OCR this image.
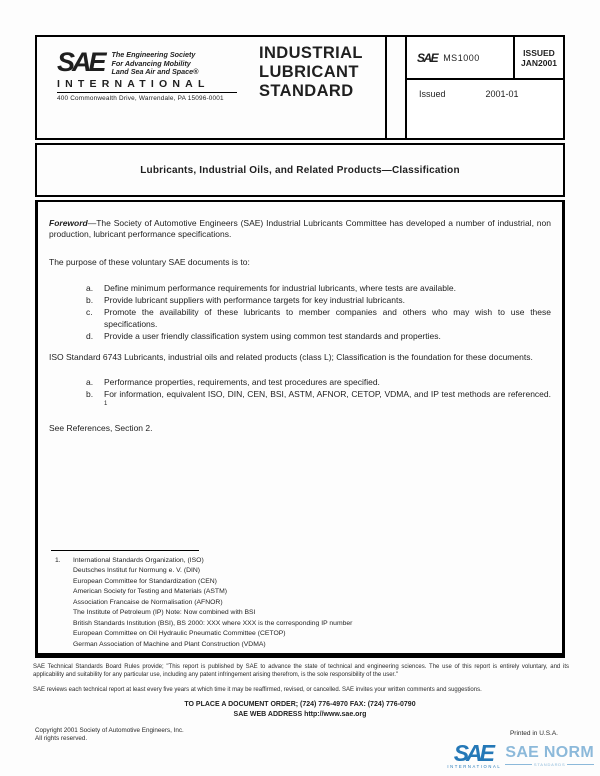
SAE	The Engineering Society
For Advancing Mobility
Land Sea Air and Space®
INTERNATIONAL
400 Commonwealth Drive, Warrendale, PA 15096-0001
INDUSTRIAL
LUBRICANT
STANDARD
SAE MS1000	ISSUED
JAN2001
Issued	2001-01
Lubricants, Industrial Oils, and Related Products—Classification

Foreword—The Society of Automotive Engineers (SAE) Industrial Lubricants Committee has developed a number of industrial, non production, lubricant performance specifications.

The purpose of these voluntary SAE documents is to:

a.	Define minimum performance requirements for industrial lubricants, where tests are available.
b.	Provide lubricant suppliers with performance targets for key industrial lubricants.
c.	Promote the availability of these lubricants to member companies and others who may wish to use these specifications.
d.	Provide a user friendly classification system using common test standards and properties.

ISO Standard 6743 Lubricants, industrial oils and related products (class L); Classification is the foundation for these documents.

a.	Performance properties, requirements, and test procedures are specified.
b.	For information, equivalent ISO, DIN, CEN, BSI, ASTM, AFNOR, CETOP, VDMA, and IP test methods are referenced. $^1$

See References, Section 2.

1. International Standards Organization, (ISO)
Deutsches Institut fur Normung e. V. (DIN)
European Committee for Standardization (CEN)
American Society for Testing and Materials (ASTM)
Association Francaise de Normalisation (AFNOR)
The Institute of Petroleum (IP) Note: Now combined with BSI
British Standards Institution (BSI), BS 2000: XXX where XXX is the corresponding IP number
European Committee on Oil Hydraulic Pneumatic Committee (CETOP)
German Association of Machine and Plant Construction (VDMA)
SAE Technical Standards Board Rules provide; "This report is published by SAE to advance the state of technical and engineering sciences. The use of this report is entirely voluntary, and its applicability and suitability for any particular use, including any patent infringement arising therefrom, is the sole responsibility of the user."
SAE reviews each technical report at least every five years at which time it may be reaffirmed, revised, or cancelled. SAE invites your written comments and suggestions.
TO PLACE A DOCUMENT ORDER; (724) 776-4970 FAX: (724) 776-0790
SAE WEB ADDRESS http://www.sae.org
Copyright 2001 Society of Automotive Engineers, Inc.
All rights reserved.
Printed in U.S.A.
SAE
INTERNATIONAL
SAE NORM
STANDARDS
